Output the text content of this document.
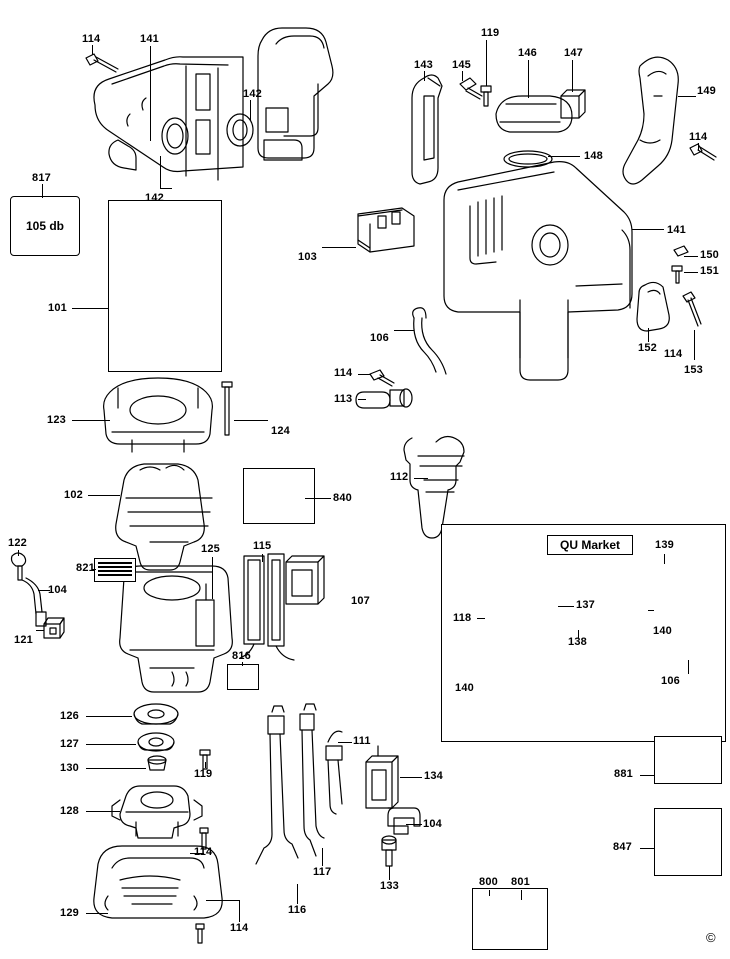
105 db
QU Market
114	141	119
146 147
143 145
149
142
114
148
142
817
103
141
150
151
101
152 114
153
106
114
113
123
124
112
102	840
122
821
125	115	139
107
104
118
137
140
121	138
106
816
140
126
127
130	119
111
134	881
128
104
847
114
117
133	800 801
129	116
114
©
